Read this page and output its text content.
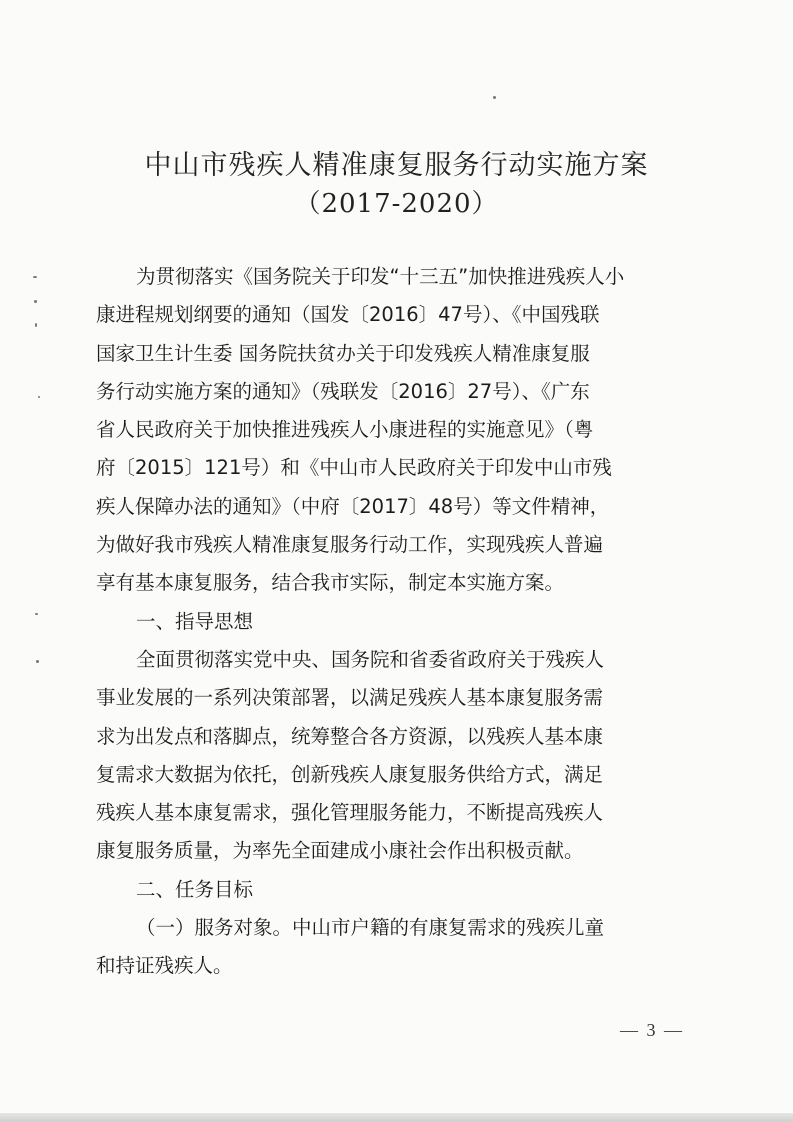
中山市残疾人精准康复服务行动实施方案
（2017-2020）
为贯彻落实《国务院关于印发“十三五”加快推进残疾人小
康进程规划纲要的通知（国发〔2016〕47号）、《中国残联
国家卫生计生委 国务院扶贫办关于印发残疾人精准康复服
务行动实施方案的通知》（残联发〔2016〕27号）、《广东
省人民政府关于加快推进残疾人小康进程的实施意见》（粤
府〔2015〕121号）和《中山市人民政府关于印发中山市残
疾人保障办法的通知》（中府〔2017〕48号）等文件精神，
为做好我市残疾人精准康复服务行动工作，实现残疾人普遍
享有基本康复服务，结合我市实际，制定本实施方案。
一、指导思想
全面贯彻落实党中央、国务院和省委省政府关于残疾人
事业发展的一系列决策部署，以满足残疾人基本康复服务需
求为出发点和落脚点，统筹整合各方资源，以残疾人基本康
复需求大数据为依托，创新残疾人康复服务供给方式，满足
残疾人基本康复需求，强化管理服务能力，不断提高残疾人
康复服务质量，为率先全面建成小康社会作出积极贡献。
二、任务目标
（一）服务对象。中山市户籍的有康复需求的残疾儿童
和持证残疾人。
— 3 —
